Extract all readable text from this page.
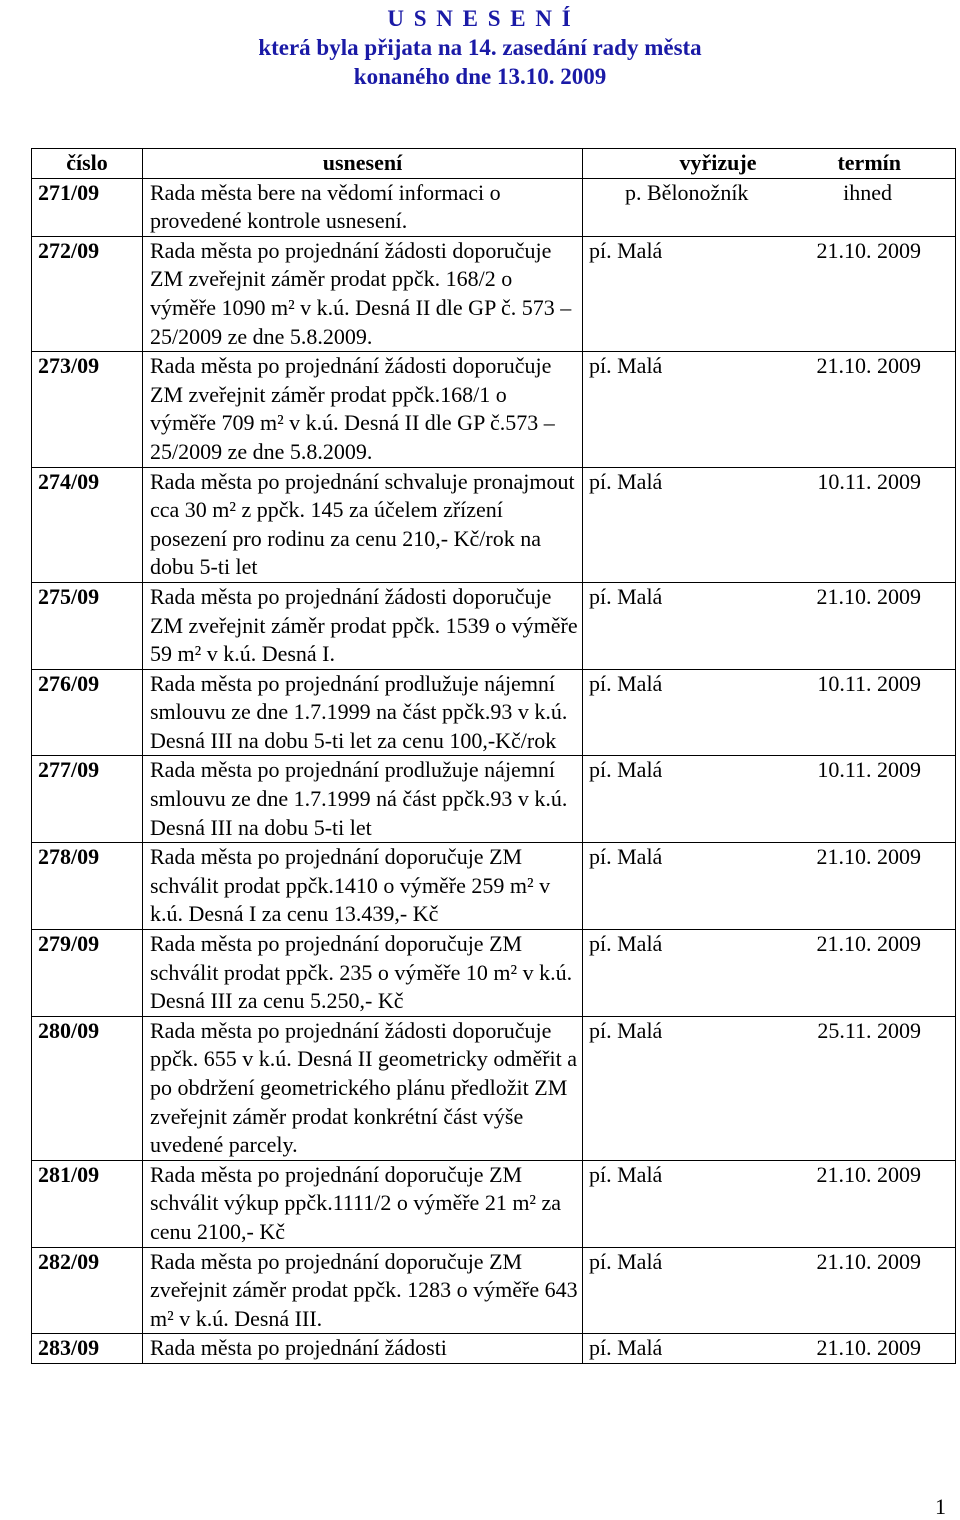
U S N E S E N Í
která byla přijata na 14. zasedání rady města
konaného dne 13.10. 2009
číslo	usnesení	vyřizuje	termín
271/09	Rada města bere na vědomí informaci o provedené kontrole usnesení.	p. Bělonožník	ihned
272/09	Rada města po projednání žádosti doporučuje ZM zveřejnit záměr prodat ppčk. 168/2 o výměře 1090 m² v k.ú. Desná II dle GP č. 573 – 25/2009 ze dne 5.8.2009.	pí. Malá	21.10. 2009
273/09	Rada města po projednání žádosti doporučuje ZM zveřejnit záměr prodat ppčk.168/1 o výměře 709 m² v k.ú. Desná II dle GP č.573 – 25/2009 ze dne 5.8.2009.	pí. Malá	21.10. 2009
274/09	Rada města po projednání schvaluje pronajmout cca 30 m² z ppčk. 145 za účelem zřízení posezení pro rodinu za cenu 210,- Kč/rok na dobu 5-ti let	pí. Malá	10.11. 2009
275/09	Rada města po projednání žádosti doporučuje ZM zveřejnit záměr prodat ppčk. 1539 o výměře 59 m² v k.ú. Desná I.	pí. Malá	21.10. 2009
276/09	Rada města po projednání prodlužuje nájemní smlouvu ze dne 1.7.1999 na část ppčk.93 v k.ú. Desná III na dobu 5-ti let za cenu 100,-Kč/rok	pí. Malá	10.11. 2009
277/09	Rada města po projednání prodlužuje nájemní smlouvu ze dne 1.7.1999 ná část ppčk.93 v k.ú. Desná III na dobu 5-ti let	pí. Malá	10.11. 2009
278/09	Rada města po projednání doporučuje ZM schválit prodat ppčk.1410 o výměře 259 m² v k.ú. Desná I za cenu 13.439,- Kč	pí. Malá	21.10. 2009
279/09	Rada města po projednání doporučuje ZM schválit prodat ppčk. 235 o výměře 10 m² v k.ú. Desná III za cenu 5.250,- Kč	pí. Malá	21.10. 2009
280/09	Rada města po projednání žádosti doporučuje ppčk. 655 v k.ú. Desná II geometricky odměřit a po obdržení geometrického plánu předložit ZM zveřejnit záměr prodat konkrétní část výše uvedené parcely.	pí. Malá	25.11. 2009
281/09	Rada města po projednání doporučuje ZM schválit výkup ppčk.1111/2 o výměře 21 m² za cenu 2100,- Kč	pí. Malá	21.10. 2009
282/09	Rada města po projednání doporučuje ZM zveřejnit záměr prodat ppčk. 1283 o výměře 643 m² v k.ú. Desná III.	pí. Malá	21.10. 2009
283/09	Rada města po projednání žádosti	pí. Malá	21.10. 2009
1
